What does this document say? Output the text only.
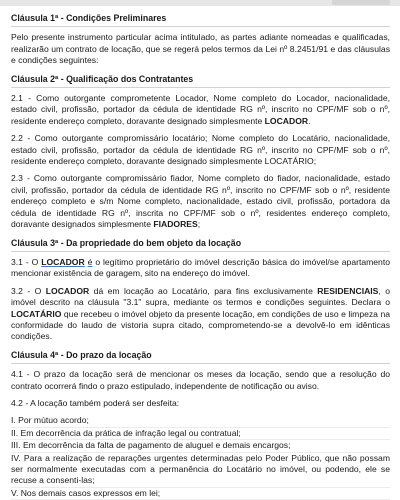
Cláusula 1ª - Condições Preliminares

Pelo presente instrumento particular acima intitulado, as partes adiante nomeadas e qualificadas, realizarão um contrato de locação, que se regerá pelos termos da Lei nº 8.2451/91 e das cláusulas e condições seguintes:

Cláusula 2ª - Qualificação dos Contratantes

2.1 - Como outorgante comprometente Locador, Nome completo do Locador, nacionalidade, estado civil, profissão, portador da cédula de identidade RG nº, inscrito no CPF/MF sob o nº, residente endereço completo, doravante designado simplesmente LOCADOR.

2.2 - Como outorgante compromissário locatário; Nome completo do Locatário, nacionalidade, estado civil, profissão, portador da cédula de identidade RG nº, inscrito no CPF/MF sob o nº, residente endereço completo, doravante designado simplesmente LOCATÁRIO;

2.3 - Como outorgante compromissário fiador, Nome completo do fiador, nacionalidade, estado civil, profissão, portador da cédula de identidade RG nº, inscrito no CPF/MF sob o nº, residente endereço completo e s/m Nome completo, nacionalidade, estado civil, profissão, portadora da cédula de identidade RG nº, inscrita no CPF/MF sob o nº, residentes endereço completo, doravante designados simplesmente FIADORES;

Cláusula 3ª - Da propriedade do bem objeto da locação

3.1 - O LOCADOR é o legítimo proprietário do imóvel descrição básica do imóvel/se apartamento mencionar existência de garagem, sito na endereço do imóvel.

3.2 - O LOCADOR dá em locação ao Locatário, para fins exclusivamente RESIDENCIAIS, o imóvel descrito na cláusula "3.1" supra, mediante os termos e condições seguintes. Declara o LOCATÁRIO que recebeu o imóvel objeto da presente locação, em condições de uso e limpeza na conformidade do laudo de vistoria supra citado, comprometendo-se a devolvê-lo em idênticas condições.

Cláusula 4ª - Do prazo da locação

4.1 - O prazo da locação será de mencionar os meses da locação, sendo que a resolução do contrato ocorrerá findo o prazo estipulado, independente de notificação ou aviso.

4.2 - A locação também poderá ser desfeita:

I. Por mútuo acordo;

II. Em decorrência da prática de infração legal ou contratual;

III. Em decorrência da falta de pagamento de aluguel e demais encargos;

IV. Para a realização de reparações urgentes determinadas pelo Poder Público, que não possam ser normalmente executadas com a permanência do Locatário no imóvel, ou podendo, ele se recuse a consenti-las;

V. Nos demais casos expressos em lei;
